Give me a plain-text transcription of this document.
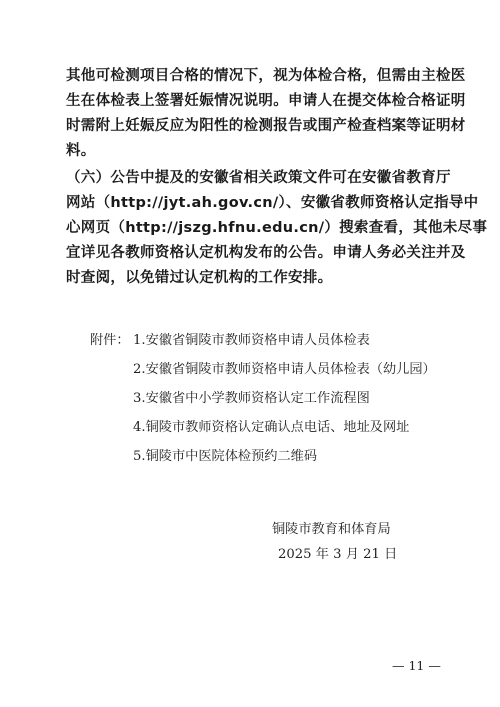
其他可检测项目合格的情况下，视为体检合格，但需由主检医
生在体检表上签署妊娠情况说明。申请人在提交体检合格证明
时需附上妊娠反应为阳性的检测报告或围产检查档案等证明材
料。
（六）公告中提及的安徽省相关政策文件可在安徽省教育厅
网站（http://jyt.ah.gov.cn/）、安徽省教师资格认定指导中
心网页（http://jszg.hfnu.edu.cn/）搜索查看，其他未尽事
宜详见各教师资格认定机构发布的公告。申请人务必关注并及
时查阅，以免错过认定机构的工作安排。
附件： 1.安徽省铜陵市教师资格申请人员体检表
2.安徽省铜陵市教师资格申请人员体检表（幼儿园）
3.安徽省中小学教师资格认定工作流程图
4.铜陵市教师资格认定确认点电话、地址及网址
5.铜陵市中医院体检预约二维码
铜陵市教育和体育局
2025 年 3 月 21 日
— 11 —
